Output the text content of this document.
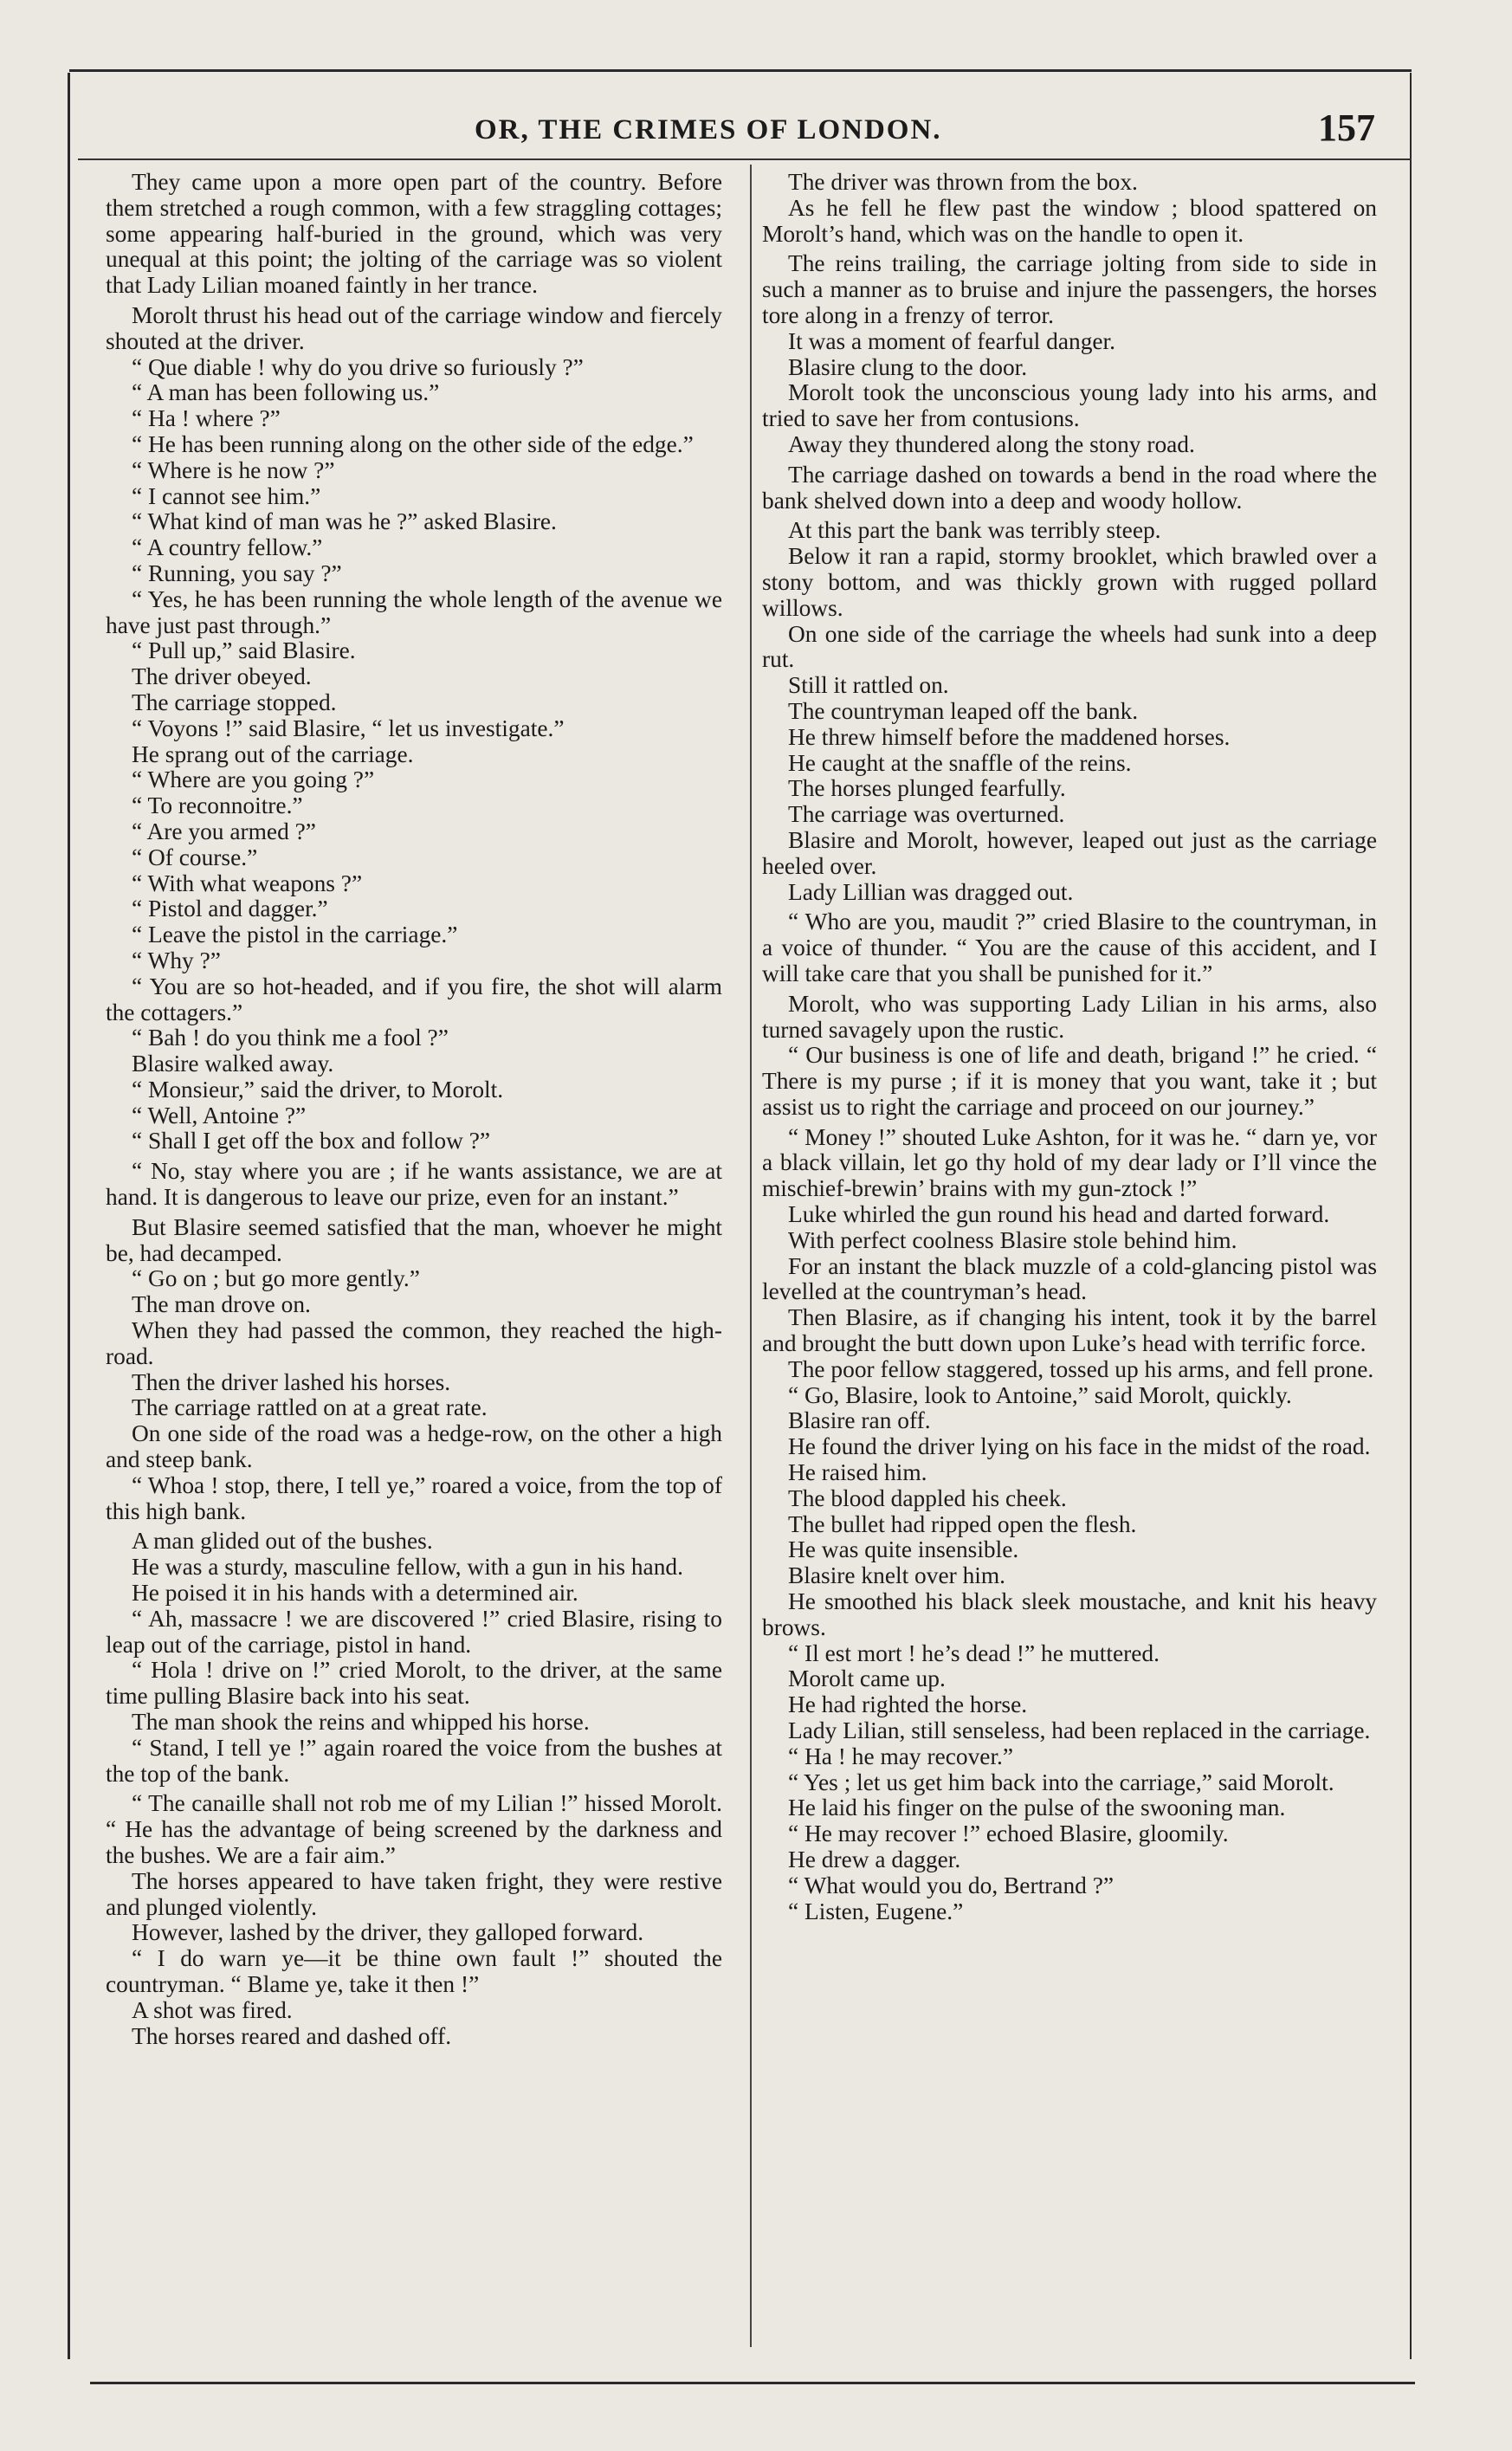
OR, THE CRIMES OF LONDON.	157

They came upon a more open part of the country. Before them stretched a rough common, with a few straggling cottages; some appearing half-buried in the ground, which was very unequal at this point; the jolting of the carriage was so violent that Lady Lilian moaned faintly in her trance.

Morolt thrust his head out of the carriage window and fiercely shouted at the driver.

“ Que diable ! why do you drive so furiously ?”

“ A man has been following us.”

“ Ha ! where ?”

“ He has been running along on the other side of the edge.”

“ Where is he now ?”

“ I cannot see him.”

“ What kind of man was he ?” asked Blasire.

“ A country fellow.”

“ Running, you say ?”

“ Yes, he has been running the whole length of the avenue we have just past through.”

“ Pull up,” said Blasire.

The driver obeyed.

The carriage stopped.

“ Voyons !” said Blasire, “ let us investigate.”

He sprang out of the carriage.

“ Where are you going ?”

“ To reconnoitre.”

“ Are you armed ?”

“ Of course.”

“ With what weapons ?”

“ Pistol and dagger.”

“ Leave the pistol in the carriage.”

“ Why ?”

“ You are so hot-headed, and if you fire, the shot will alarm the cottagers.”

“ Bah ! do you think me a fool ?”

Blasire walked away.

“ Monsieur,” said the driver, to Morolt.

“ Well, Antoine ?”

“ Shall I get off the box and follow ?”

“ No, stay where you are ; if he wants assistance, we are at hand. It is dangerous to leave our prize, even for an instant.”

But Blasire seemed satisfied that the man, whoever he might be, had decamped.

“ Go on ; but go more gently.”

The man drove on.

When they had passed the common, they reached the high-road.

Then the driver lashed his horses.

The carriage rattled on at a great rate.

On one side of the road was a hedge-row, on the other a high and steep bank.

“ Whoa ! stop, there, I tell ye,” roared a voice, from the top of this high bank.

A man glided out of the bushes.

He was a sturdy, masculine fellow, with a gun in his hand.

He poised it in his hands with a determined air.

“ Ah, massacre ! we are discovered !” cried Blasire, rising to leap out of the carriage, pistol in hand.

“ Hola ! drive on !” cried Morolt, to the driver, at the same time pulling Blasire back into his seat.

The man shook the reins and whipped his horse.

“ Stand, I tell ye !” again roared the voice from the bushes at the top of the bank.

“ The canaille shall not rob me of my Lilian !” hissed Morolt. “ He has the advantage of being screened by the darkness and the bushes. We are a fair aim.”

The horses appeared to have taken fright, they were restive and plunged violently.

However, lashed by the driver, they galloped forward.

“ I do warn ye—it be thine own fault !” shouted the countryman. “ Blame ye, take it then !”

A shot was fired.

The horses reared and dashed off.

The driver was thrown from the box.

As he fell he flew past the window ; blood spattered on Morolt’s hand, which was on the handle to open it.

The reins trailing, the carriage jolting from side to side in such a manner as to bruise and injure the passengers, the horses tore along in a frenzy of terror.

It was a moment of fearful danger.

Blasire clung to the door.

Morolt took the unconscious young lady into his arms, and tried to save her from contusions.

Away they thundered along the stony road.

The carriage dashed on towards a bend in the road where the bank shelved down into a deep and woody hollow.

At this part the bank was terribly steep.

Below it ran a rapid, stormy brooklet, which brawled over a stony bottom, and was thickly grown with rugged pollard willows.

On one side of the carriage the wheels had sunk into a deep rut.

Still it rattled on.

The countryman leaped off the bank.

He threw himself before the maddened horses.

He caught at the snaffle of the reins.

The horses plunged fearfully.

The carriage was overturned.

Blasire and Morolt, however, leaped out just as the carriage heeled over.

Lady Lillian was dragged out.

“ Who are you, maudit ?” cried Blasire to the countryman, in a voice of thunder. “ You are the cause of this accident, and I will take care that you shall be punished for it.”

Morolt, who was supporting Lady Lilian in his arms, also turned savagely upon the rustic.

“ Our business is one of life and death, brigand !” he cried. “ There is my purse ; if it is money that you want, take it ; but assist us to right the carriage and proceed on our journey.”

“ Money !” shouted Luke Ashton, for it was he. “ darn ye, vor a black villain, let go thy hold of my dear lady or I’ll vince the mischief-brewin’ brains with my gun-ztock !”

Luke whirled the gun round his head and darted forward.

With perfect coolness Blasire stole behind him.

For an instant the black muzzle of a cold-glancing pistol was levelled at the countryman’s head.

Then Blasire, as if changing his intent, took it by the barrel and brought the butt down upon Luke’s head with terrific force.

The poor fellow staggered, tossed up his arms, and fell prone.

“ Go, Blasire, look to Antoine,” said Morolt, quickly.

Blasire ran off.

He found the driver lying on his face in the midst of the road.

He raised him.

The blood dappled his cheek.

The bullet had ripped open the flesh.

He was quite insensible.

Blasire knelt over him.

He smoothed his black sleek moustache, and knit his heavy brows.

“ Il est mort ! he’s dead !” he muttered.

Morolt came up.

He had righted the horse.

Lady Lilian, still senseless, had been replaced in the carriage.

“ Ha ! he may recover.”

“ Yes ; let us get him back into the carriage,” said Morolt.

He laid his finger on the pulse of the swooning man.

“ He may recover !” echoed Blasire, gloomily.

He drew a dagger.

“ What would you do, Bertrand ?”

“ Listen, Eugene.”
